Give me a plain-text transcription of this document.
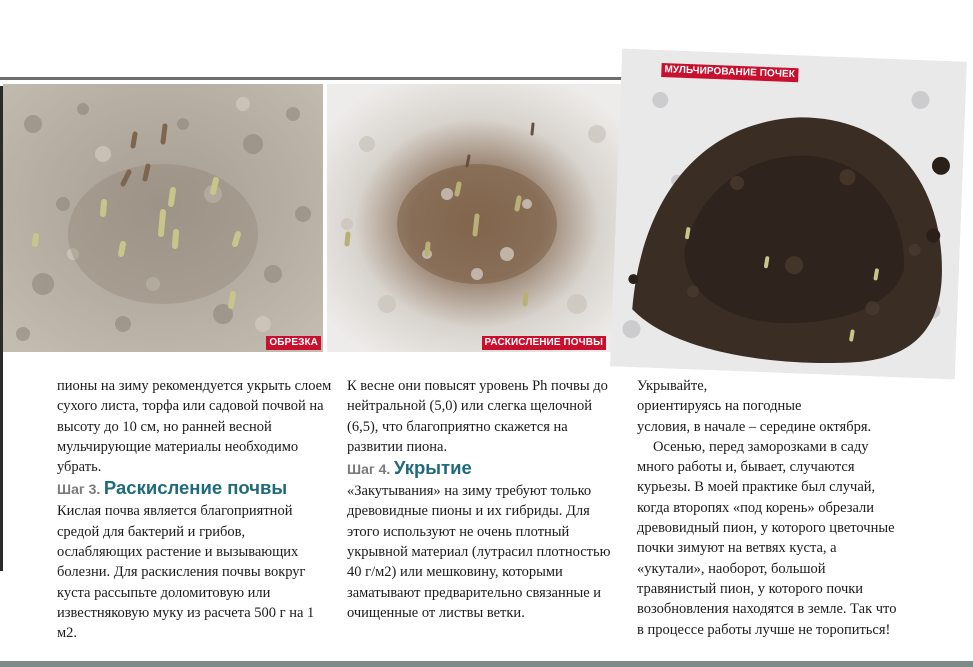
ОБРЕЗКА	РАСКИСЛЕНИЕ ПОЧВЫ
МУЛЬЧИРОВАНИЕ ПОЧЕК

пионы на зиму рекомендуется укрыть слоем сухого листа, торфа или садовой почвой на высоту до 10 см, но ранней весной мульчирующие материалы необходимо убрать.

Шаг 3. Раскисление почвы

Кислая почва является благоприятной средой для бактерий и грибов, ослабляющих растение и вызывающих болезни. Для раскисления почвы вокруг куста рассыпьте доломитовую или известняковую муку из расчета 500 г на 1 м2.

К весне они повысят уровень Ph почвы до нейтральной (5,0) или слегка щелочной (6,5), что благоприятно скажется на развитии пиона.

Шаг 4. Укрытие

«Закутывания» на зиму требуют только древовидные пионы и их гибриды. Для этого используют не очень плотный укрывной материал (лутрасил плотностью 40 г/м2) или мешковину, которыми заматывают предварительно связанные и очищенные от листвы ветки.

Укрывайте,

ориентируясь на погодные

условия, в начале – середине октября.

Осенью, перед заморозками в саду много работы и, бывает, случаются курьезы. В моей практике был случай, когда второпях «под корень» обрезали древовидный пион, у которого цветочные почки зимуют на ветвях куста, а «укутали», наоборот, большой травянистый пион, у которого почки возобновления находятся в земле. Так что в процессе работы лучше не торопиться!
